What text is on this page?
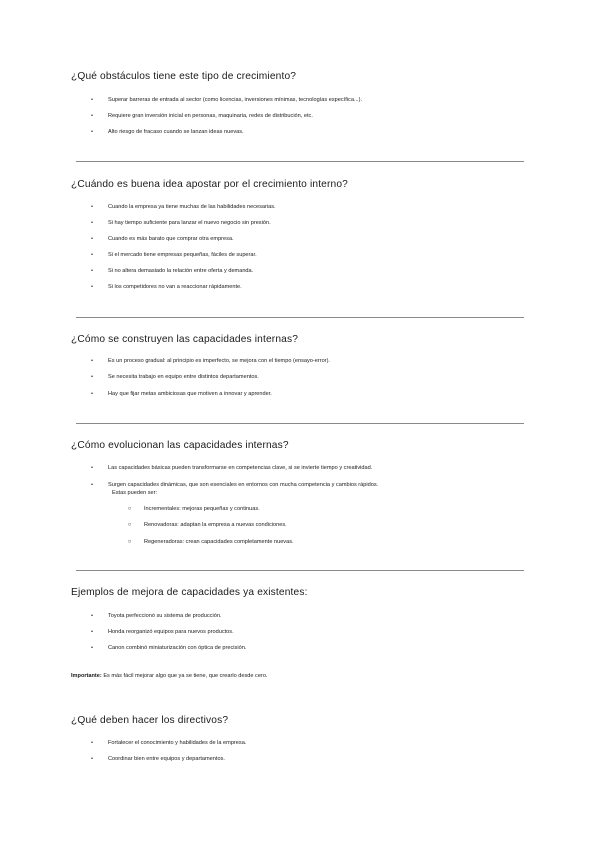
¿Qué obstáculos tiene este tipo de crecimiento?
•	Superar barreras de entrada al sector (como licencias, inversiones mínimas, tecnologías específica...).
•	Requiere gran inversión inicial en personas, maquinaria, redes de distribución, etc.
•	Alto riesgo de fracaso cuando se lanzan ideas nuevas.
¿Cuándo es buena idea apostar por el crecimiento interno?
•	Cuando la empresa ya tiene muchas de las habilidades necesarias.
•	Si hay tiempo suficiente para lanzar el nuevo negocio sin presión.
•	Cuando es más barato que comprar otra empresa.
•	Si el mercado tiene empresas pequeñas, fáciles de superar.
•	Si no altera demasiado la relación entre oferta y demanda.
•	Si los competidores no van a reaccionar rápidamente.
¿Cómo se construyen las capacidades internas?
•	Es un proceso gradual: al principio es imperfecto, se mejora con el tiempo (ensayo-error).
•	Se necesita trabajo en equipo entre distintos departamentos.
•	Hay que fijar metas ambiciosas que motiven a innovar y aprender.
¿Cómo evolucionan las capacidades internas?
•	Las capacidades básicas pueden transformarse en competencias clave, si se invierte tiempo y creatividad.
•	Surgen capacidades dinámicas, que son esenciales en entornos con mucha competencia y cambios rápidos.
Estas pueden ser:
○ Incrementales: mejoras pequeñas y continuas.
○ Renovadoras: adaptan la empresa a nuevas condiciones.
○ Regeneradoras: crean capacidades completamente nuevas.
Ejemplos de mejora de capacidades ya existentes:
•	Toyota perfeccionó su sistema de producción.
•	Honda reorganizó equipos para nuevos productos.
•	Canon combinó miniaturización con óptica de precisión.
Importante: Es más fácil mejorar algo que ya se tiene, que crearlo desde cero.
¿Qué deben hacer los directivos?
•	Fortalecer el conocimiento y habilidades de la empresa.
•	Coordinar bien entre equipos y departamentos.
